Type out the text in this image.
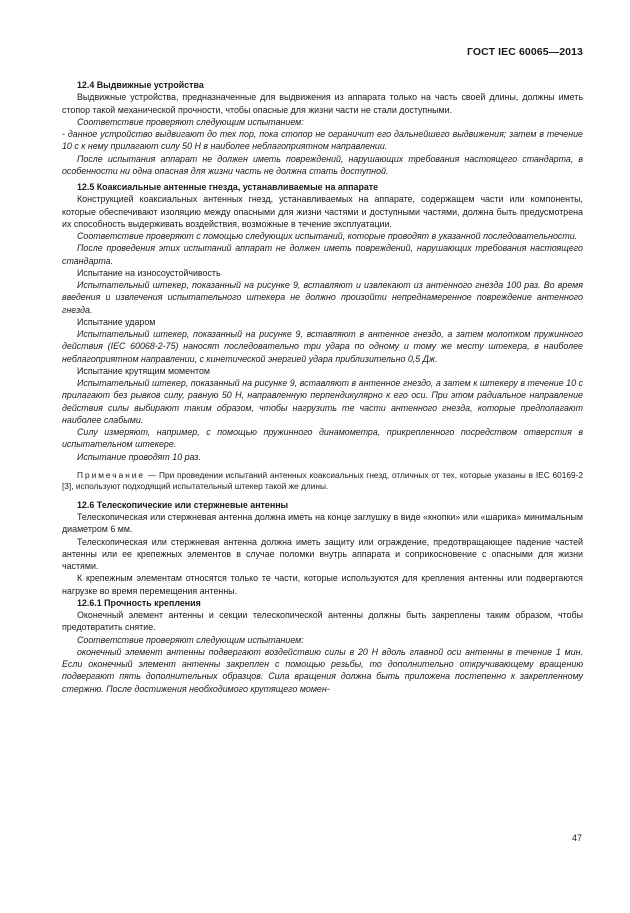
ГОСТ IEC 60065—2013

12.4 Выдвижные устройства

Выдвижные устройства, предназначенные для выдвижения из аппарата только на часть своей длины, должны иметь стопор такой механической прочности, чтобы опасные для жизни части не стали доступными.

Соответствие проверяют следующим испытанием:

- данное устройство выдвигают до тех пор, пока стопор не ограничит его дальнейшего выдвижения; затем в течение 10 с к нему прилагают силу 50 Н в наиболее неблагоприятном направлении.

После испытания аппарат не должен иметь повреждений, нарушающих требования настоящего стандарта, в особенности ни одна опасная для жизни часть не должна стать доступной.

12.5 Коаксиальные антенные гнезда, устанавливаемые на аппарате

Конструкцией коаксиальных антенных гнезд, устанавливаемых на аппарате, содержащем части или компоненты, которые обеспечивают изоляцию между опасными для жизни частями и доступными частями, должна быть предусмотрена их способность выдерживать воздействия, возможные в течение эксплуатации.

Соответствие проверяют с помощью следующих испытаний, которые проводят в указанной последовательности.

После проведения этих испытаний аппарат не должен иметь повреждений, нарушающих требования настоящего стандарта.

Испытание на износоустойчивость

Испытательный штекер, показанный на рисунке 9, вставляют и извлекают из антенного гнезда 100 раз. Во время введения и извлечения испытательного штекера не должно произойти непреднамеренное повреждение антенного гнезда.

Испытание ударом

Испытательный штекер, показанный на рисунке 9, вставляют в антенное гнездо, а затем молотком пружинного действия (IEC 60068-2-75) наносят последовательно три удара по одному и тому же месту штекера, в наиболее неблагоприятном направлении, с кинетической энергией удара приблизительно 0,5 Дж.

Испытание крутящим моментом

Испытательный штекер, показанный на рисунке 9, вставляют в антенное гнездо, а затем к штекеру в течение 10 с прилагают без рывков силу, равную 50 Н, направленную перпендикулярно к его оси. При этом радиальное направление действия силы выбирают таким образом, чтобы нагрузить те части антенного гнезда, которые предполагают наиболее слабыми.

Силу измеряют, например, с помощью пружинного динамометра, прикрепленного посредством отверстия в испытательном штекере.

Испытание проводят 10 раз.

Примечание — При проведении испытаний антенных коаксиальных гнезд, отличных от тех, которые указаны в IEC 60169-2 [3], используют подходящий испытательный штекер такой же длины.

12.6 Телескопические или стержневые антенны

Телескопическая или стержневая антенна должна иметь на конце заглушку в виде «кнопки» или «шарика» минимальным диаметром 6 мм.

Телескопическая или стержневая антенна должна иметь защиту или ограждение, предотвращающее падение частей антенны или ее крепежных элементов в случае поломки внутрь аппарата и соприкосновение с опасными для жизни частями.

К крепежным элементам относятся только те части, которые используются для крепления антенны или подвергаются нагрузке во время перемещения антенны.

12.6.1 Прочность крепления

Оконечный элемент антенны и секции телескопической антенны должны быть закреплены таким образом, чтобы предотвратить снятие.

Соответствие проверяют следующим испытанием:

оконечный элемент антенны подвергают воздействию силы в 20 Н вдоль главной оси антенны в течение 1 мин. Если оконечный элемент антенны закреплен с помощью резьбы, то дополнительно откручивающему вращению подвергают пять дополнительных образцов. Сила вращения должна быть приложена постепенно к закрепленному стержню. После достижения необходимого крутящего момен-

47
